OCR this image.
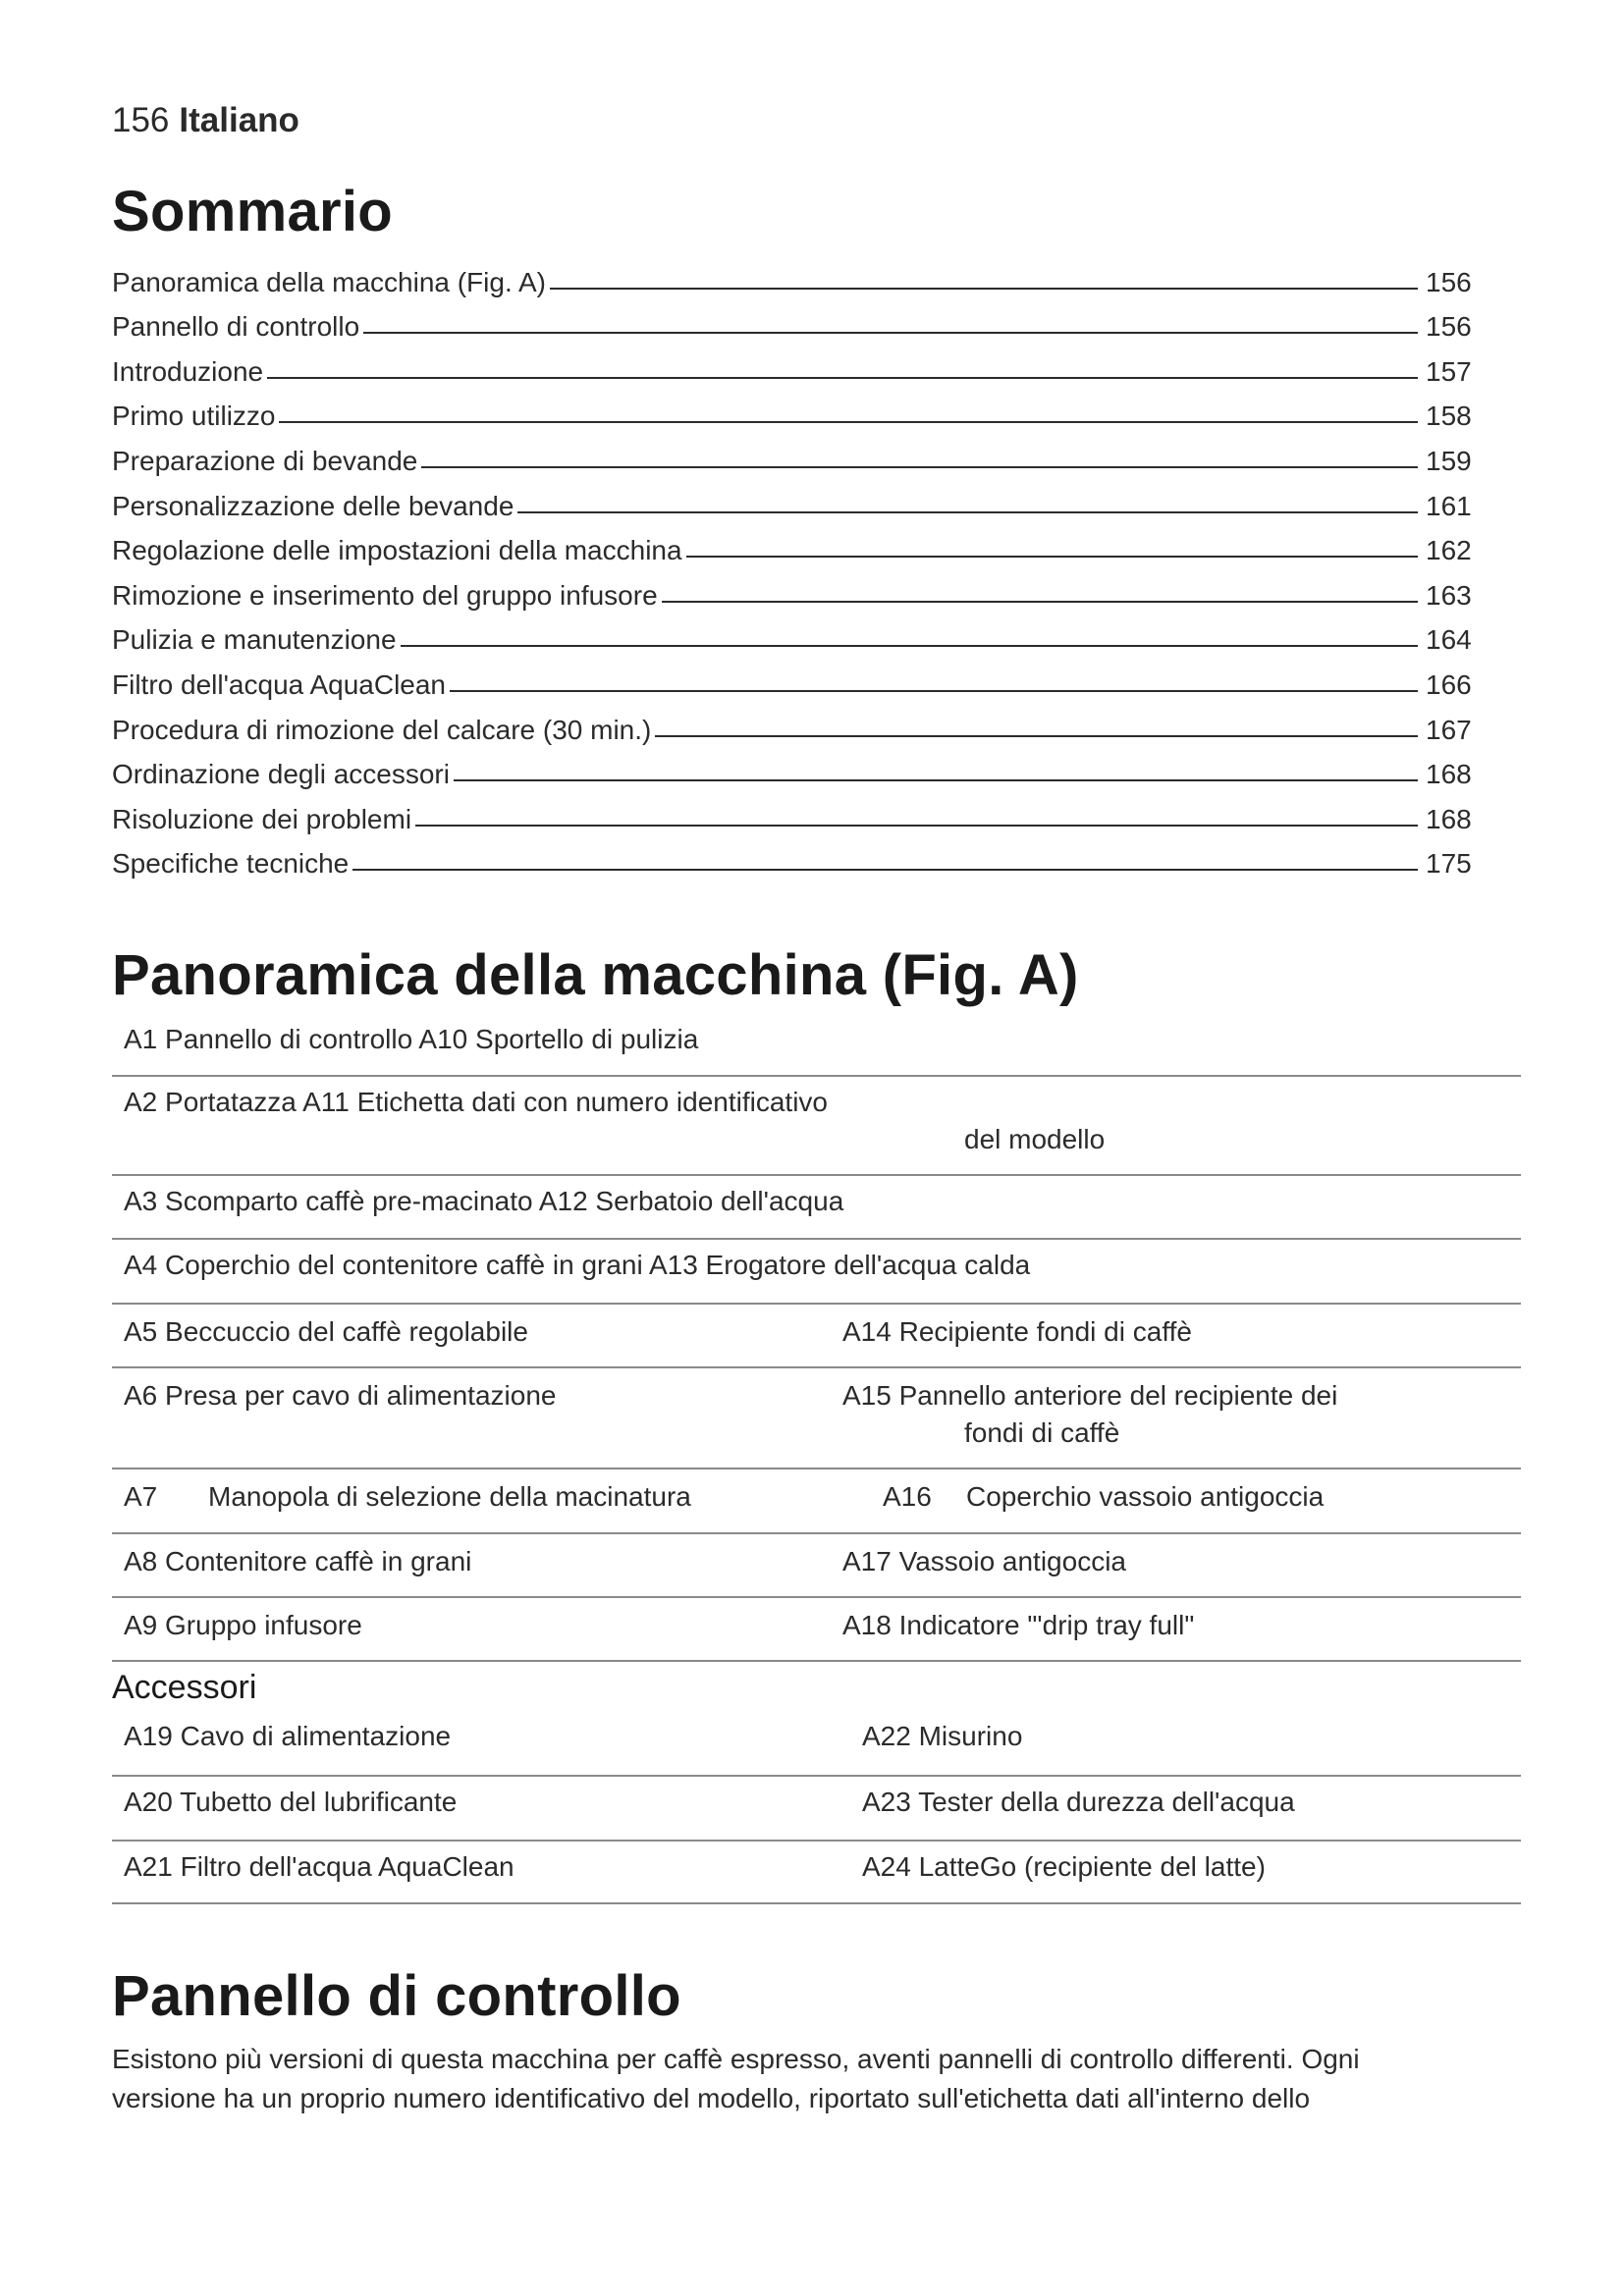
156 Italiano
Sommario
Panoramica della macchina (Fig. A)	156
Pannello di controllo	156
Introduzione	157
Primo utilizzo	158
Preparazione di bevande	159
Personalizzazione delle bevande	161
Regolazione delle impostazioni della macchina	162
Rimozione e inserimento del gruppo infusore	163
Pulizia e manutenzione	164
Filtro dell'acqua AquaClean	166
Procedura di rimozione del calcare (30 min.)	167
Ordinazione degli accessori	168
Risoluzione dei problemi	168
Specifiche tecniche	175
Panoramica della macchina (Fig. A)
A1 Pannello di controllo A10 Sportello di pulizia
A2 Portatazza A11 Etichetta dati con numero identificativo
del modello
A3 Scomparto caffè pre-macinato A12 Serbatoio dell'acqua
A4 Coperchio del contenitore caffè in grani A13 Erogatore dell'acqua calda
A5 Beccuccio del caffè regolabile	A14 Recipiente fondi di caffè
A6 Presa per cavo di alimentazione	A15 Pannello anteriore del recipiente dei
fondi di caffè
A7 Manopola di selezione della macinatura	A16 Coperchio vassoio antigoccia
A8 Contenitore caffè in grani	A17 Vassoio antigoccia
A9 Gruppo infusore	A18 Indicatore "'drip tray full"
Accessori
A19 Cavo di alimentazione	A22 Misurino
A20 Tubetto del lubrificante	A23 Tester della durezza dell'acqua
A21 Filtro dell'acqua AquaClean	A24 LatteGo (recipiente del latte)
Pannello di controllo
Esistono più versioni di questa macchina per caffè espresso, aventi pannelli di controllo differenti. Ogni
versione ha un proprio numero identificativo del modello, riportato sull'etichetta dati all'interno dello
